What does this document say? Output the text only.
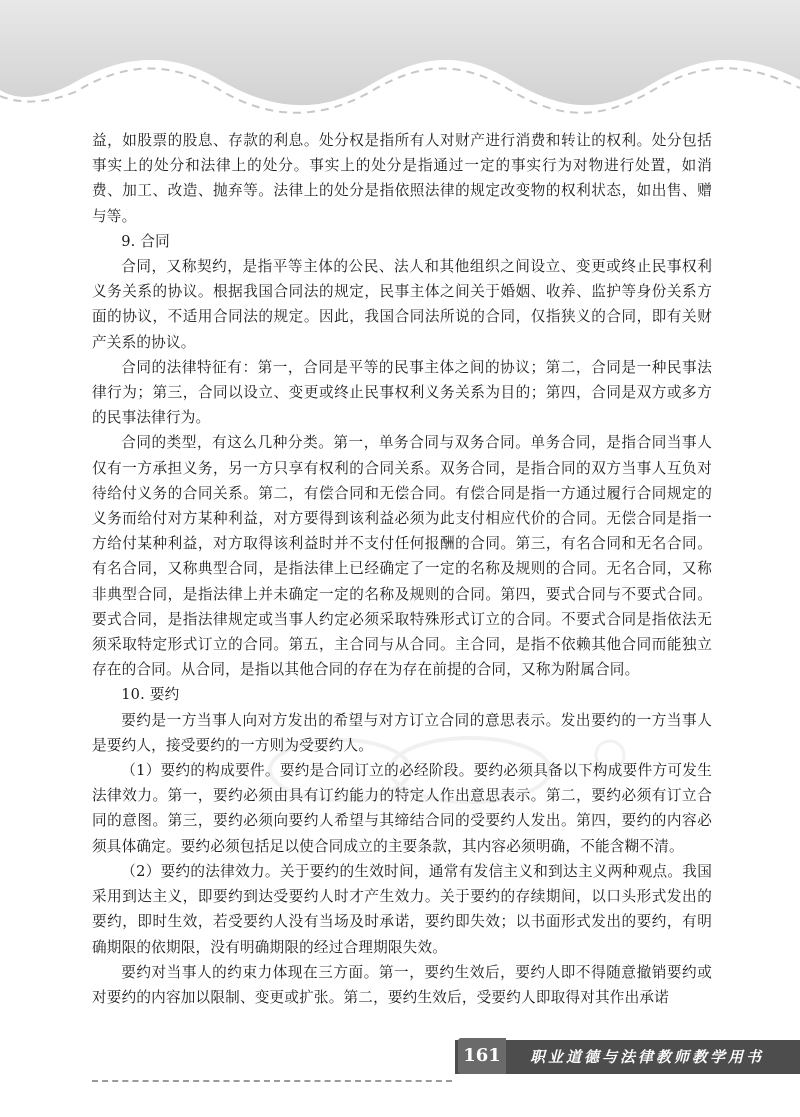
益，如股票的股息、存款的利息。处分权是指所有人对财产进行消费和转让的权利。处分包括事实上的处分和法律上的处分。事实上的处分是指通过一定的事实行为对物进行处置，如消费、加工、改造、抛弃等。法律上的处分是指依照法律的规定改变物的权利状态，如出售、赠与等。

9. 合同

合同，又称契约，是指平等主体的公民、法人和其他组织之间设立、变更或终止民事权利义务关系的协议。根据我国合同法的规定，民事主体之间关于婚姻、收养、监护等身份关系方面的协议，不适用合同法的规定。因此，我国合同法所说的合同，仅指狭义的合同，即有关财产关系的协议。

合同的法律特征有：第一，合同是平等的民事主体之间的协议；第二，合同是一种民事法律行为；第三，合同以设立、变更或终止民事权利义务关系为目的；第四，合同是双方或多方的民事法律行为。

合同的类型，有这么几种分类。第一，单务合同与双务合同。单务合同，是指合同当事人仅有一方承担义务，另一方只享有权利的合同关系。双务合同，是指合同的双方当事人互负对待给付义务的合同关系。第二，有偿合同和无偿合同。有偿合同是指一方通过履行合同规定的义务而给付对方某种利益，对方要得到该利益必须为此支付相应代价的合同。无偿合同是指一方给付某种利益，对方取得该利益时并不支付任何报酬的合同。第三，有名合同和无名合同。有名合同，又称典型合同，是指法律上已经确定了一定的名称及规则的合同。无名合同，又称非典型合同，是指法律上并未确定一定的名称及规则的合同。第四，要式合同与不要式合同。要式合同，是指法律规定或当事人约定必须采取特殊形式订立的合同。不要式合同是指依法无须采取特定形式订立的合同。第五，主合同与从合同。主合同，是指不依赖其他合同而能独立存在的合同。从合同，是指以其他合同的存在为存在前提的合同，又称为附属合同。

10. 要约

要约是一方当事人向对方发出的希望与对方订立合同的意思表示。发出要约的一方当事人是要约人，接受要约的一方则为受要约人。

（1）要约的构成要件。要约是合同订立的必经阶段。要约必须具备以下构成要件方可发生法律效力。第一，要约必须由具有订约能力的特定人作出意思表示。第二，要约必须有订立合同的意图。第三，要约必须向要约人希望与其缔结合同的受要约人发出。第四，要约的内容必须具体确定。要约必须包括足以使合同成立的主要条款，其内容必须明确，不能含糊不清。

（2）要约的法律效力。关于要约的生效时间，通常有发信主义和到达主义两种观点。我国采用到达主义，即要约到达受要约人时才产生效力。关于要约的存续期间，以口头形式发出的要约，即时生效，若受要约人没有当场及时承诺，要约即失效；以书面形式发出的要约，有明确期限的依期限，没有明确期限的经过合理期限失效。

要约对当事人的约束力体现在三方面。第一，要约生效后，要约人即不得随意撤销要约或对要约的内容加以限制、变更或扩张。第二，要约生效后，受要约人即取得对其作出承诺

161	职业道德与法律教师教学用书
